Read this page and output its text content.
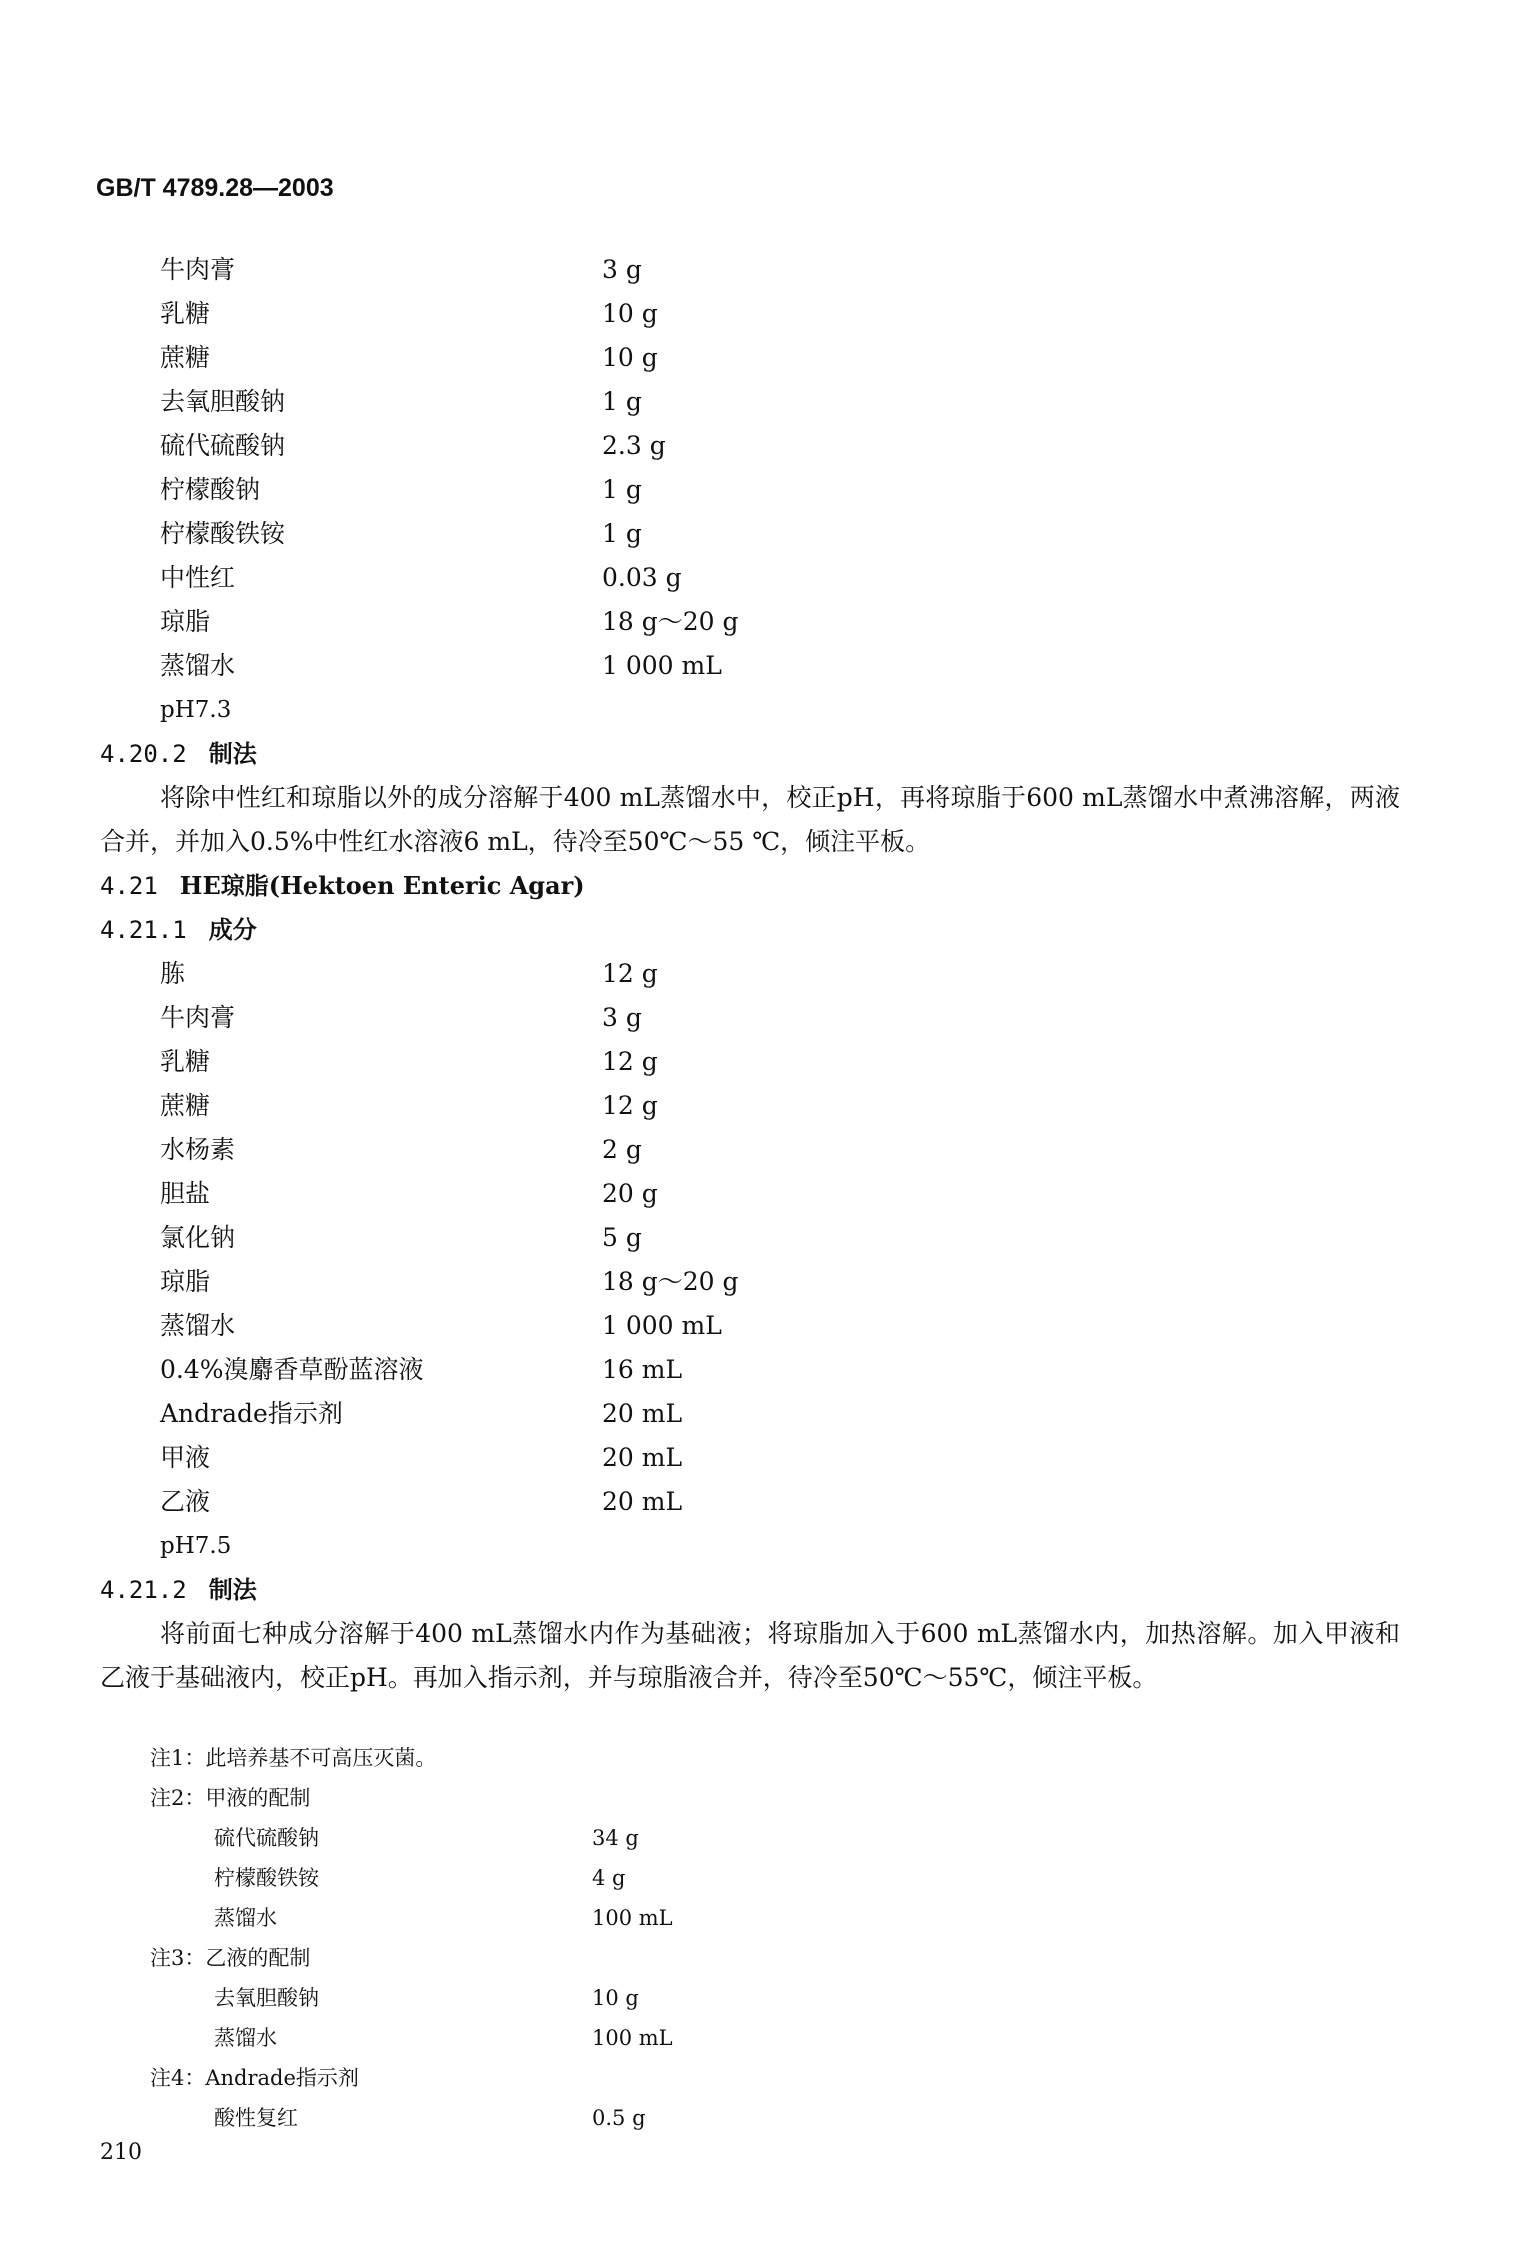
GB/T 4789.28—2003
牛肉膏	3 g
乳糖	10 g
蔗糖	10 g
去氧胆酸钠	1 g
硫代硫酸钠	2.3 g
柠檬酸钠	1 g
柠檬酸铁铵	1 g
中性红	0.03 g
琼脂	18 g～20 g
蒸馏水	1 000 mL
pH7.3
4.20.2 制法
将除中性红和琼脂以外的成分溶解于400 mL蒸馏水中，校正pH，再将琼脂于600 mL蒸馏水中煮沸溶解，两液合并，并加入0.5%中性红水溶液6 mL，待冷至50℃～55 ℃，倾注平板。
4.21 HE琼脂(Hektoen Enteric Agar)
4.21.1 成分
胨	12 g
牛肉膏	3 g
乳糖	12 g
蔗糖	12 g
水杨素	2 g
胆盐	20 g
氯化钠	5 g
琼脂	18 g～20 g
蒸馏水	1 000 mL
0.4%溴麝香草酚蓝溶液	16 mL
Andrade指示剂	20 mL
甲液	20 mL
乙液	20 mL
pH7.5
4.21.2 制法
将前面七种成分溶解于400 mL蒸馏水内作为基础液；将琼脂加入于600 mL蒸馏水内，加热溶解。加入甲液和乙液于基础液内，校正pH。再加入指示剂，并与琼脂液合并，待冷至50℃～55℃，倾注平板。
注1：此培养基不可高压灭菌。
注2：甲液的配制
硫代硫酸钠	34 g
柠檬酸铁铵	4 g
蒸馏水	100 mL
注3：乙液的配制
去氧胆酸钠	10 g
蒸馏水	100 mL
注4：Andrade指示剂
酸性复红	0.5 g
210
